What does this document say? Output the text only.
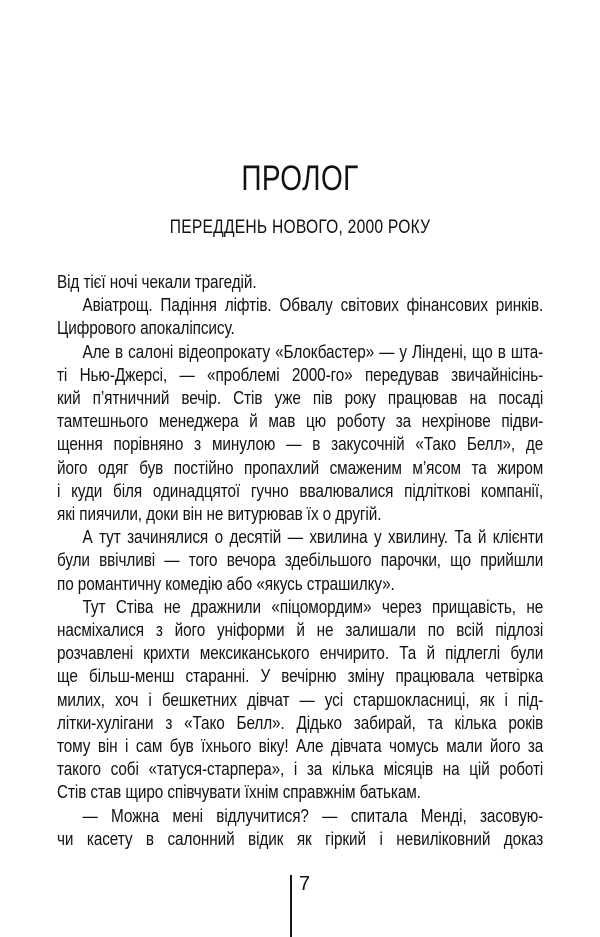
ПРОЛОГ
ПЕРЕДДЕНЬ НОВОГО, 2000 РОКУ
Від тієї ночі чекали трагедій.
Авіатрощ. Падіння ліфтів. Обвалу світових фінансових ринків.
Цифрового апокаліпсису.
Але в салоні відеопрокату «Блокбастер» — у Ліндені, що в шта-
ті Нью-Джерсі, — «проблемі 2000-го» передував звичайнісінь-
кий п’ятничний вечір. Стів уже пів року працював на посаді
тамтешнього менеджера й мав цю роботу за нехрінове підви-
щення порівняно з минулою — в закусочній «Тако Белл», де
його одяг був постійно пропахлий смаженим м’ясом та жиром
і куди біля одинадцятої гучно ввалювалися підліткові компанії,
які пиячили, доки він не витурював їх о другій.
А тут зачинялися о десятій — хвилина у хвилину. Та й клієнти
були ввічливі — того вечора здебільшого парочки, що прийшли
по романтичну комедію або «якусь страшилку».
Тут Стіва не дражнили «піцомордим» через прищавість, не
насміхалися з його уніформи й не залишали по всій підлозі
розчавлені крихти мексиканського енчирито. Та й підлеглі були
ще більш-менш старанні. У вечірню зміну працювала четвірка
милих, хоч і бешкетних дівчат — усі старшокласниці, як і під-
літки-хулігани з «Тако Белл». Дідько забирай, та кілька років
тому він і сам був їхнього віку! Але дівчата чомусь мали його за
такого собі «татуся-старпера», і за кілька місяців на цій роботі
Стів став щиро співчувати їхнім справжнім батькам.
— Можна мені відлучитися? — спитала Менді, засовую-
чи касету в салонний відик як гіркий і невиліковний доказ
7
